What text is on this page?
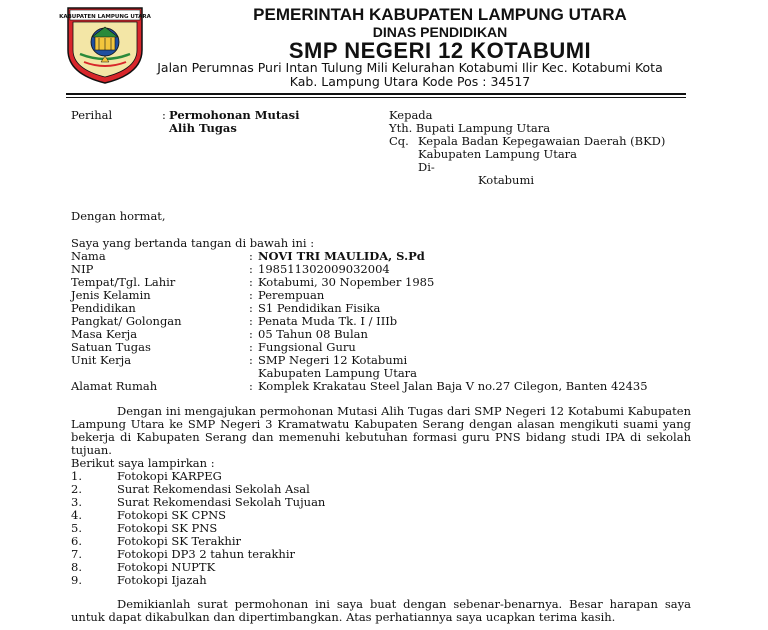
KABUPATEN LAMPUNG UTARA	PEMERINTAH KABUPATEN LAMPUNG UTARA
DINAS PENDIDIKAN
SMP NEGERI 12 KOTABUMI
Jalan Perumnas Puri Intan Tulung Mili Kelurahan Kotabumi Ilir Kec. Kotabumi Kota
Kab. Lampung Utara Kode Pos : 34517
Perihal	: Permohonan Mutasi
Alih Tugas
Kepada
Yth. Bupati Lampung Utara
Cq. Kepala Badan Kepegawaian Daerah (BKD)
Kabupaten Lampung Utara
Di-
Kotabumi
Dengan hormat,
Saya yang bertanda tangan di bawah ini :
Nama	: NOVI TRI MAULIDA, S.Pd
NIP	: 198511302009032004
Tempat/Tgl. Lahir	: Kotabumi, 30 Nopember 1985
Jenis Kelamin	: Perempuan
Pendidikan	: S1 Pendidikan Fisika
Pangkat/ Golongan	: Penata Muda Tk. I / IIIb
Masa Kerja	: 05 Tahun 08 Bulan
Satuan Tugas	: Fungsional Guru
Unit Kerja	: SMP Negeri 12 Kotabumi
Kabupaten Lampung Utara
Alamat Rumah	: Komplek Krakatau Steel Jalan Baja V no.27 Cilegon, Banten 42435
Dengan ini mengajukan permohonan Mutasi Alih Tugas dari SMP Negeri 12 Kotabumi Kabupaten Lampung Utara ke SMP Negeri 3 Kramatwatu Kabupaten Serang dengan alasan mengikuti suami yang bekerja di Kabupaten Serang dan memenuhi kebutuhan formasi guru PNS bidang studi IPA di sekolah tujuan.
Berikut saya lampirkan :
1.	Fotokopi KARPEG
2.	Surat Rekomendasi Sekolah Asal
3.	Surat Rekomendasi Sekolah Tujuan
4.	Fotokopi SK CPNS
5.	Fotokopi SK PNS
6.	Fotokopi SK Terakhir
7.	Fotokopi DP3 2 tahun terakhir
8.	Fotokopi NUPTK
9.	Fotokopi Ijazah
Demikianlah surat permohonan ini saya buat dengan sebenar-benarnya. Besar harapan saya untuk dapat dikabulkan dan dipertimbangkan. Atas perhatiannya saya ucapkan terima kasih.
